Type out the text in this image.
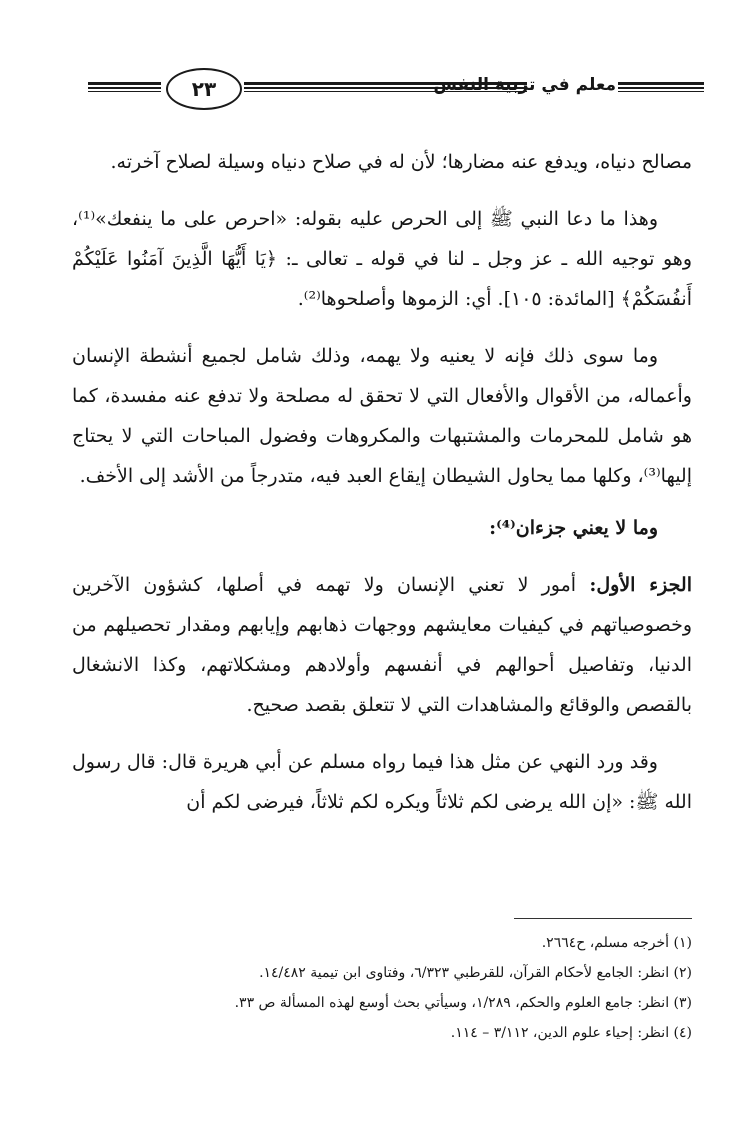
٢٣	معلم في تربية النفس

مصالح دنياه، ويدفع عنه مضارها؛ لأن له في صلاح دنياه وسيلة لصلاح آخرته.

وهذا ما دعا النبي ﷺ إلى الحرص عليه بقوله: «احرص على ما ينفعك»⁽¹⁾، وهو توجيه الله ـ عز وجل ـ لنا في قوله ـ تعالى ـ: ﴿يَا أَيُّهَا الَّذِينَ آمَنُوا عَلَيْكُمْ أَنفُسَكُمْ﴾ [المائدة: ١٠٥]. أي: الزموها وأصلحوها⁽²⁾.

وما سوى ذلك فإنه لا يعنيه ولا يهمه، وذلك شامل لجميع أنشطة الإنسان وأعماله، من الأقوال والأفعال التي لا تحقق له مصلحة ولا تدفع عنه مفسدة، كما هو شامل للمحرمات والمشتبهات والمكروهات وفضول المباحات التي لا يحتاج إليها⁽³⁾، وكلها مما يحاول الشيطان إيقاع العبد فيه، متدرجاً من الأشد إلى الأخف.

وما لا يعني جزءان⁽⁴⁾:

الجزء الأول: أمور لا تعني الإنسان ولا تهمه في أصلها، كشؤون الآخرين وخصوصياتهم في كيفيات معايشهم ووجهات ذهابهم وإيابهم ومقدار تحصيلهم من الدنيا، وتفاصيل أحوالهم في أنفسهم وأولادهم ومشكلاتهم، وكذا الانشغال بالقصص والوقائع والمشاهدات التي لا تتعلق بقصد صحيح.

وقد ورد النهي عن مثل هذا فيما رواه مسلم عن أبي هريرة قال: قال رسول الله ﷺ: «إن الله يرضى لكم ثلاثاً ويكره لكم ثلاثاً، فيرضى لكم أن

(١) أخرجه مسلم، ح٢٦٦٤.
(٢) انظر: الجامع لأحكام القرآن، للقرطبي ٦/٣٢٣، وفتاوى ابن تيمية ١٤/٤٨٢.
(٣) انظر: جامع العلوم والحكم، ١/٢٨٩، وسيأتي بحث أوسع لهذه المسألة ص ٣٣.
(٤) انظر: إحياء علوم الدين، ٣/١١٢ – ١١٤.
